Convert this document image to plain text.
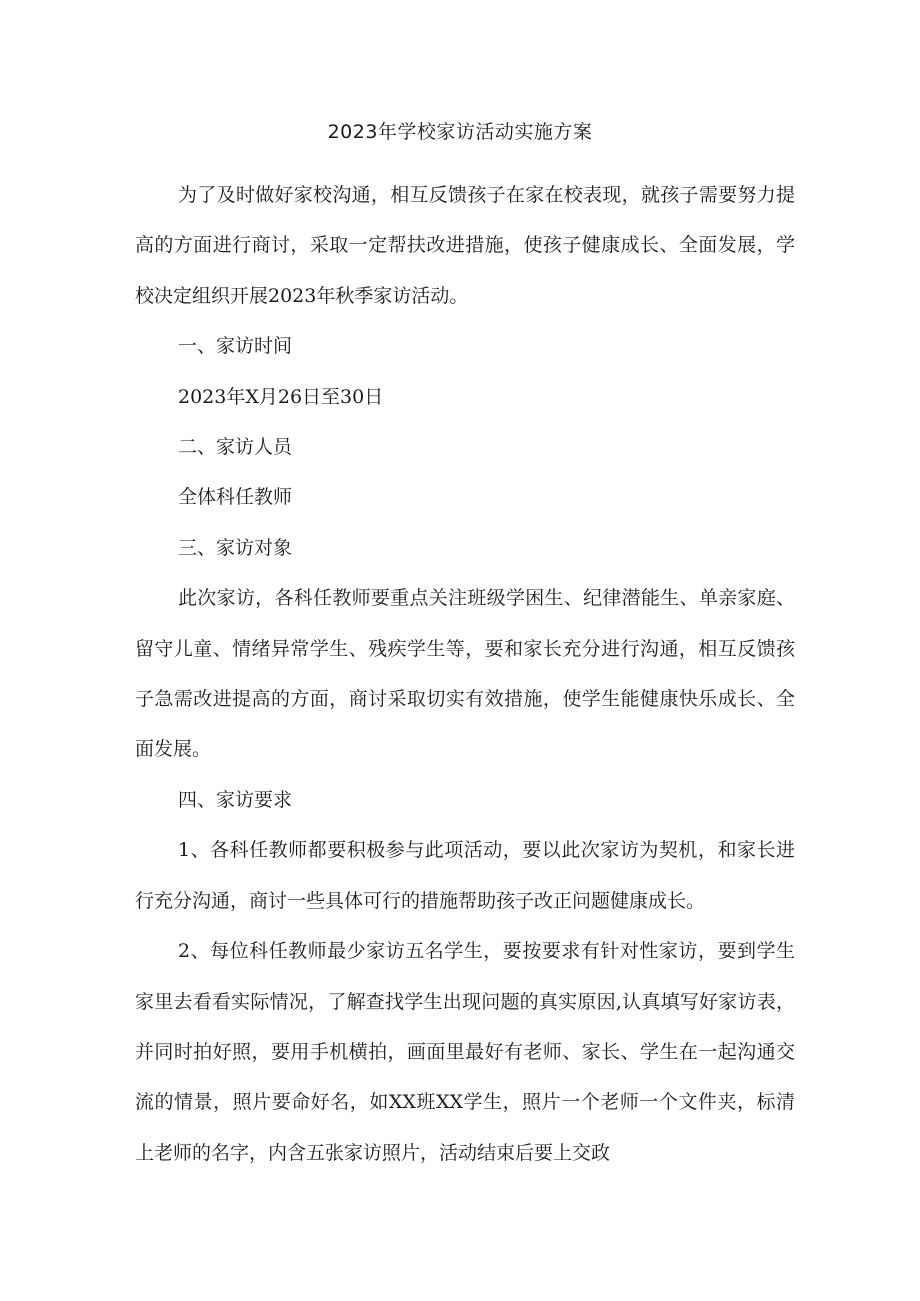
2023年学校家访活动实施方案

为了及时做好家校沟通，相互反馈孩子在家在校表现，就孩子需要努力提高的方面进行商讨，采取一定帮扶改进措施，使孩子健康成长、全面发展，学校决定组织开展2023年秋季家访活动。

一、家访时间

2023年X月26日至30日

二、家访人员

全体科任教师

三、家访对象

此次家访，各科任教师要重点关注班级学困生、纪律潜能生、单亲家庭、留守儿童、情绪异常学生、残疾学生等，要和家长充分进行沟通，相互反馈孩子急需改进提高的方面，商讨采取切实有效措施，使学生能健康快乐成长、全面发展。

四、家访要求

1、各科任教师都要积极参与此项活动，要以此次家访为契机，和家长进行充分沟通，商讨一些具体可行的措施帮助孩子改正问题健康成长。

2、每位科任教师最少家访五名学生，要按要求有针对性家访，要到学生家里去看看实际情况，了解查找学生出现问题的真实原因,认真填写好家访表，并同时拍好照，要用手机横拍，画面里最好有老师、家长、学生在一起沟通交流的情景，照片要命好名，如XX班XX学生，照片一个老师一个文件夹，标清上老师的名字，内含五张家访照片，活动结束后要上交政
